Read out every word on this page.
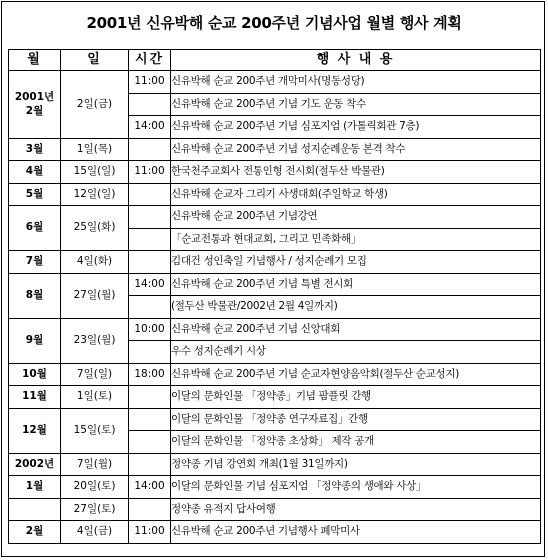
2001년 신유박해 순교 200주년 기념사업 월별 행사 계획
월	일	시간	행 사 내 용

2001년
2월	2일(금)	11:00	신유박해 순교 200주년 개막미사(명동성당)
			신유박해 순교 200주년 기념 기도 운동 착수
		14:00	신유박해 순교 200주년 기념 심포지엄 (가톨릭회관 7층)
3월	1일(목)		신유박해 순교 200주년 기념 성지순례운동 본격 착수
4월	15일(일)	11:00	한국천주교회사 전통인형 전시회(절두산 박물관)
5월	12일(일)		신유박해 순교자 그리기 사생대회(주일학교 학생)
6월	25일(화)		신유박해 순교 200주년 기념강연
			「순교전통과 현대교회, 그리고 민족화해」
7월	4일(화)		김대건 성인축일 기념행사 / 성지순례기 모집
8월	27일(월)	14:00	신유박해 순교 200주년 기념 특별 전시회
			(절두산 박물관/2002년 2월 4일까지)
9월	23일(월)	10:00	신유박해 순교 200주년 기념 신앙대회
			우수 성지순례기 시상
10월	7일(일)	18:00	신유박해 순교 200주년 기념 순교자현양음악회(절두산 순교성지)
11월	1일(토)		이달의 문화인물 「정약종」기념 팜플릿 간행
12월	15일(토)		이달의 문화인물 「정약종 연구자료집」간행
			이달의 문화인물 「정약종 초상화」 제작 공개
2002년	7일(월)		정약종 기념 강연회 개최(1월 31일까지)
1월	20일(토)	14:00	이달의 문화인물 기념 심포지엄 「정약종의 생애와 사상」
	27일(토)		정약종 유적지 답사여행
2월	4일(금)	11:00	신유박해 순교 200주년 기념행사 폐막미사
